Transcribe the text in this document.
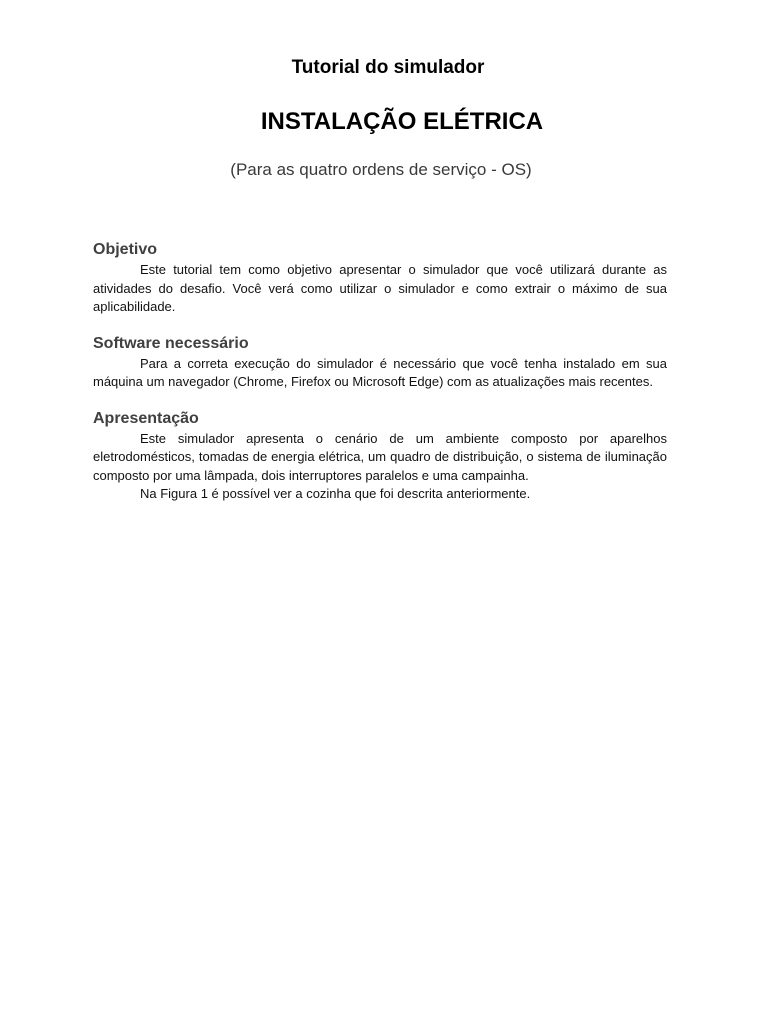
Tutorial do simulador
INSTALAÇÃO ELÉTRICA
(Para as quatro ordens de serviço - OS)
Objetivo

Este tutorial tem como objetivo apresentar o simulador que você utilizará durante as atividades do desafio. Você verá como utilizar o simulador e como extrair o máximo de sua aplicabilidade.

Software necessário

Para a correta execução do simulador é necessário que você tenha instalado em sua máquina um navegador (Chrome, Firefox ou Microsoft Edge) com as atualizações mais recentes.

Apresentação

Este simulador apresenta o cenário de um ambiente composto por aparelhos eletrodomésticos, tomadas de energia elétrica, um quadro de distribuição, o sistema de iluminação composto por uma lâmpada, dois interruptores paralelos e uma campainha.

Na Figura 1 é possível ver a cozinha que foi descrita anteriormente.
